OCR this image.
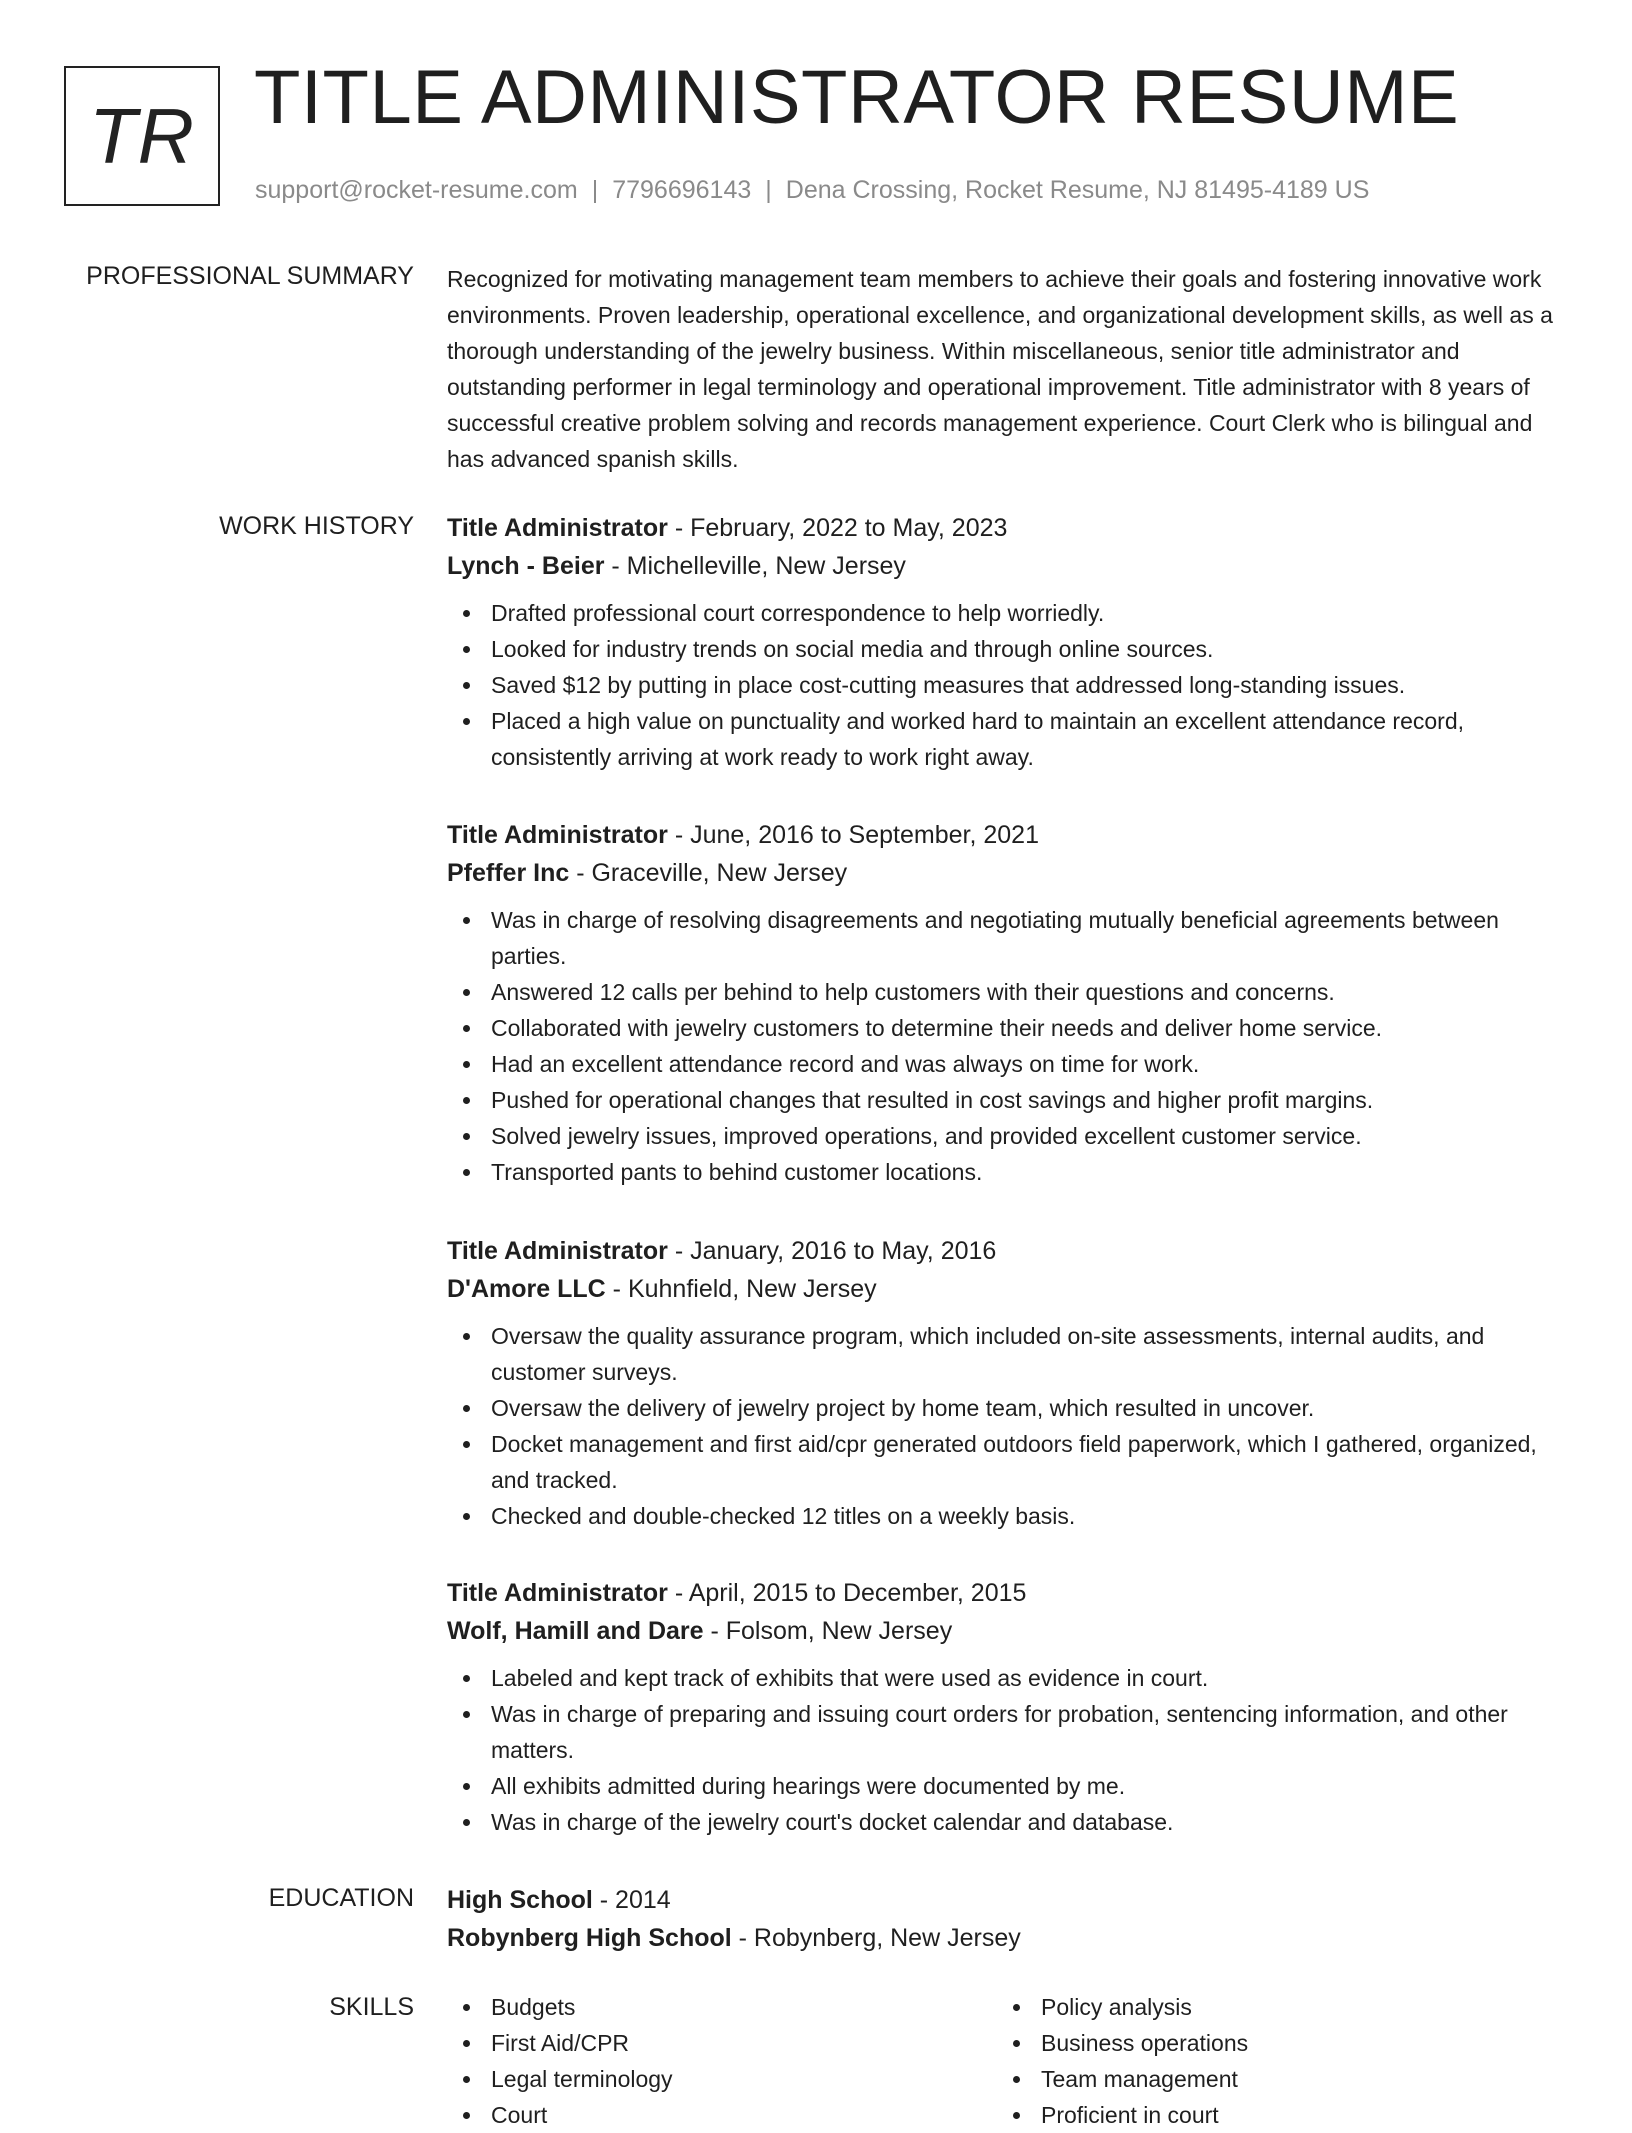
TR TITLE ADMINISTRATOR RESUME
support@rocket-resume.com | 7796696143 | Dena Crossing, Rocket Resume, NJ 81495-4189 US
PROFESSIONAL SUMMARY Recognized for motivating management team members to achieve their goals and fostering innovative work environments. Proven leadership, operational excellence, and organizational development skills, as well as a thorough understanding of the jewelry business. Within miscellaneous, senior title administrator and outstanding performer in legal terminology and operational improvement. Title administrator with 8 years of successful creative problem solving and records management experience. Court Clerk who is bilingual and has advanced spanish skills.

WORK HISTORY Title Administrator - February, 2022 to May, 2023
Lynch - Beier - Michelleville, New Jersey
Drafted professional court correspondence to help worriedly.
Looked for industry trends on social media and through online sources.
Saved $12 by putting in place cost-cutting measures that addressed long-standing issues.
Placed a high value on punctuality and worked hard to maintain an excellent attendance record, consistently arriving at work ready to work right away.
Title Administrator - June, 2016 to September, 2021
Pfeffer Inc - Graceville, New Jersey
Was in charge of resolving disagreements and negotiating mutually beneficial agreements between parties.
Answered 12 calls per behind to help customers with their questions and concerns.
Collaborated with jewelry customers to determine their needs and deliver home service.
Had an excellent attendance record and was always on time for work.
Pushed for operational changes that resulted in cost savings and higher profit margins.
Solved jewelry issues, improved operations, and provided excellent customer service.
Transported pants to behind customer locations.
Title Administrator - January, 2016 to May, 2016
D'Amore LLC - Kuhnfield, New Jersey
Oversaw the quality assurance program, which included on-site assessments, internal audits, and customer surveys.
Oversaw the delivery of jewelry project by home team, which resulted in uncover.
Docket management and first aid/cpr generated outdoors field paperwork, which I gathered, organized, and tracked.
Checked and double-checked 12 titles on a weekly basis.
Title Administrator - April, 2015 to December, 2015
Wolf, Hamill and Dare - Folsom, New Jersey
Labeled and kept track of exhibits that were used as evidence in court.
Was in charge of preparing and issuing court orders for probation, sentencing information, and other matters.
All exhibits admitted during hearings were documented by me.
Was in charge of the jewelry court's docket calendar and database.
EDUCATION High School - 2014
Robynberg High School - Robynberg, New Jersey
SKILLS	Budgets
First Aid/CPR
Legal terminology
Court
Policy analysis
Business operations
Team management
Proficient in court
